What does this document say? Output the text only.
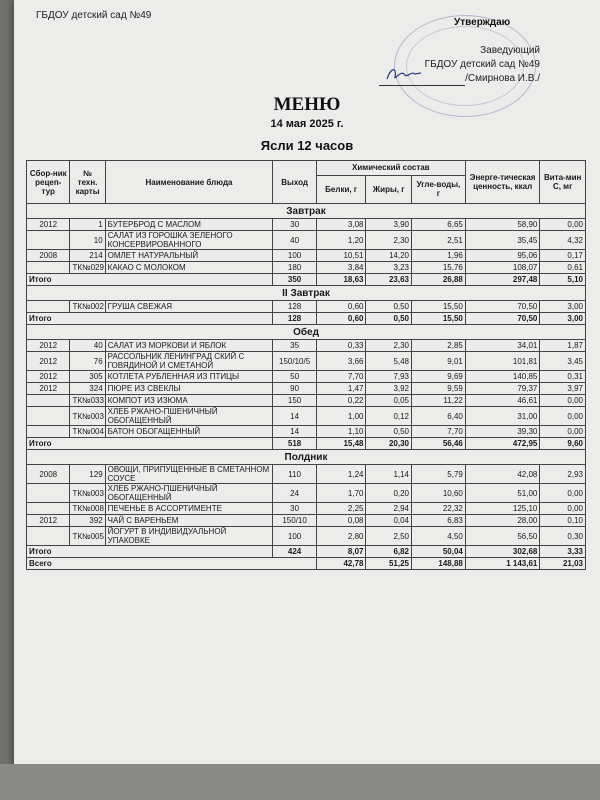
ГБДОУ детский сад №49
Утверждаю
Заведующий
ГБДОУ детский сад №49
/Смирнова И.В./
МЕНЮ
14 мая 2025 г.
Ясли 12 часов
Сбор-ник рецеп-тур	№ техн. карты	Наименование блюда	Выход	Химический состав			Энерге-тическая ценность, ккал	Вита-мин С, мг
				Белки, г	Жиры, г	Угле-воды, г		
Завтрак								
2012	1	БУТЕРБРОД С МАСЛОМ	30	3,08	3,90	6,65	58,90	0,00
	10	САЛАТ ИЗ ГОРОШКА ЗЕЛЕНОГО КОНСЕРВИРОВАННОГО	40	1,20	2,30	2,51	35,45	4,32
2008	214	ОМЛЕТ НАТУРАЛЬНЫЙ	100	10,51	14,20	1,96	95,06	0,17
	ТК№029	КАКАО С МОЛОКОМ	180	3,84	3,23	15,76	108,07	0,61
Итого			350	18,63	23,63	26,88	297,48	5,10
II Завтрак								
	ТК№002	ГРУША СВЕЖАЯ	128	0,60	0,50	15,50	70,50	3,00
Итого			128	0,60	0,50	15,50	70,50	3,00
Обед								
2012	40	САЛАТ ИЗ МОРКОВИ И ЯБЛОК	35	0,33	2,30	2,85	34,01	1,87
2012	76	РАССОЛЬНИК ЛЕНИНГРАД СКИЙ С ГОВЯДИНОЙ И СМЕТАНОЙ	150/10/5	3,66	5,48	9,01	101,81	3,45
2012	305	КОТЛЕТА РУБЛЕННАЯ ИЗ ПТИЦЫ	50	7,70	7,93	9,69	140,85	0,31
2012	324	ПЮРЕ ИЗ СВЕКЛЫ	90	1,47	3,92	9,59	79,37	3,97
	ТК№033	КОМПОТ ИЗ ИЗЮМА	150	0,22	0,05	11,22	46,61	0,00
	ТК№003	ХЛЕБ РЖАНО-ПШЕНИЧНЫЙ ОБОГАЩЕННЫЙ	14	1,00	0,12	6,40	31,00	0,00
	ТК№004	БАТОН ОБОГАЩЕННЫЙ	14	1,10	0,50	7,70	39,30	0,00
Итого			518	15,48	20,30	56,46	472,95	9,60
Полдник								
2008	129	ОВОЩИ, ПРИПУЩЕННЫЕ В СМЕТАННОМ СОУСЕ	110	1,24	1,14	5,79	42,08	2,93
	ТК№003	ХЛЕБ РЖАНО-ПШЕНИЧНЫЙ ОБОГАЩЕННЫЙ	24	1,70	0,20	10,60	51,00	0,00
	ТК№008	ПЕЧЕНЬЕ В АССОРТИМЕНТЕ	30	2,25	2,94	22,32	125,10	0,00
2012	392	ЧАЙ С ВАРЕНЬЕМ	150/10	0,08	0,04	6,83	28,00	0,10
	ТК№005	ЙОГУРТ В ИНДИВИДУАЛЬНОЙ УПАКОВКЕ	100	2,80	2,50	4,50	56,50	0,30
Итого			424	8,07	6,82	50,04	302,68	3,33
Всего				42,78	51,25	148,88	1 143,61	21,03
